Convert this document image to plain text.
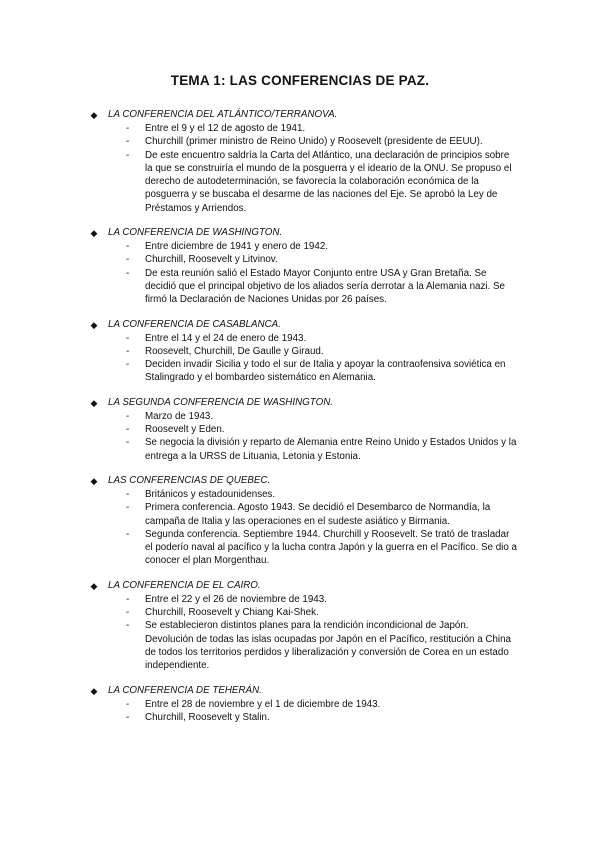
TEMA 1: LAS CONFERENCIAS DE PAZ.
◆ LA CONFERENCIA DEL ATLÁNTICO/TERRANOVA.
- Entre el 9 y el 12 de agosto de 1941.
- Churchill (primer ministro de Reino Unido) y Roosevelt (presidente de EEUU).
- De este encuentro saldría la Carta del Atlántico, una declaración de principios sobre la que se construiría el mundo de la posguerra y el ideario de la ONU. Se propuso el derecho de autodeterminación, se favorecía la colaboración económica de la posguerra y se buscaba el desarme de las naciones del Eje. Se aprobó la Ley de Préstamos y Arriendos.
◆ LA CONFERENCIA DE WASHINGTON.
- Entre diciembre de 1941 y enero de 1942.
- Churchill, Roosevelt y Litvinov.
- De esta reunión salió el Estado Mayor Conjunto entre USA y Gran Bretaña. Se decidió que el principal objetivo de los aliados sería derrotar a la Alemania nazi. Se firmó la Declaración de Naciones Unidas por 26 países.
◆ LA CONFERENCIA DE CASABLANCA.
- Entre el 14 y el 24 de enero de 1943.
- Roosevelt, Churchill, De Gaulle y Giraud.
- Deciden invadir Sicilia y todo el sur de Italia y apoyar la contraofensiva soviética en Stalingrado y el bombardeo sistemático en Alemania.
◆ LA SEGUNDA CONFERENCIA DE WASHINGTON.
- Marzo de 1943.
- Roosevelt y Eden.
- Se negocia la división y reparto de Alemania entre Reino Unido y Estados Unidos y la entrega a la URSS de Lituania, Letonia y Estonia.
◆ LAS CONFERENCIAS DE QUEBEC.
- Británicos y estadounidenses.
- Primera conferencia. Agosto 1943. Se decidió el Desembarco de Normandía, la campaña de Italia y las operaciones en el sudeste asiático y Birmania.
- Segunda conferencia. Septiembre 1944. Churchill y Roosevelt. Se trató de trasladar el poderío naval al pacífico y la lucha contra Japón y la guerra en el Pacífico. Se dio a conocer el plan Morgenthau.
◆ LA CONFERENCIA DE EL CAIRO.
- Entre el 22 y el 26 de noviembre de 1943.
- Churchill, Roosevelt y Chiang Kai-Shek.
- Se establecieron distintos planes para la rendición incondicional de Japón. Devolución de todas las islas ocupadas por Japón en el Pacífico, restitución a China de todos los territorios perdidos y liberalización y conversión de Corea en un estado independiente.
◆ LA CONFERENCIA DE TEHERÁN.
- Entre el 28 de noviembre y el 1 de diciembre de 1943.
- Churchill, Roosevelt y Stalin.
